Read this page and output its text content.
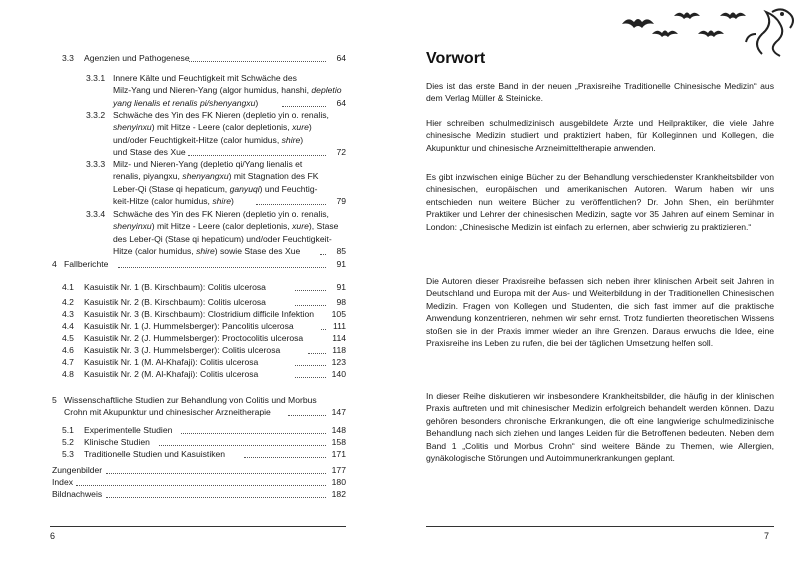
3.3 Agenzien und Pathogenese	64
3.3.1 Innere Kälte und Feuchtigkeit mit Schwäche des
Milz-Yang und Nieren-Yang (algor humidus, hanshi, depletio
yang lienalis et renalis pi/shenyangxu)	64
3.3.2 Schwäche des Yin des FK Nieren (depletio yin o. renalis,
shenyinxu) mit Hitze - Leere (calor depletionis, xure)
und/oder Feuchtigkeit-Hitze (calor humidus, shire)
und Stase des Xue	72
3.3.3 Milz- und Nieren-Yang (depletio qi/Yang lienalis et
renalis, piyangxu, shenyangxu) mit Stagnation des FK
Leber-Qi (Stase qi hepaticum, ganyuqi) und Feuchtig-
keit-Hitze (calor humidus, shire)	79
3.3.4 Schwäche des Yin des FK Nieren (depletio yin o. renalis,
shenyinxu) mit Hitze - Leere (calor depletionis, xure), Stase
des Leber-Qi (Stase qi hepaticum) und/oder Feuchtigkeit-
Hitze (calor humidus, shire) sowie Stase des Xue	85
4 Fallberichte	91
4.1 Kasuistik Nr. 1 (B. Kirschbaum): Colitis ulcerosa	91
4.2 Kasuistik Nr. 2 (B. Kirschbaum): Colitis ulcerosa	98
4.3 Kasuistik Nr. 3 (B. Kirschbaum): Clostridium difficile Infektion	105
4.4 Kasuistik Nr. 1 (J. Hummelsberger): Pancolitis ulcerosa	111
4.5 Kasuistik Nr. 2 (J. Hummelsberger): Proctocolitis ulcerosa	114
4.6 Kasuistik Nr. 3 (J. Hummelsberger): Colitis ulcerosa	118
4.7 Kasuistik Nr. 1 (M. Al-Khafaji): Colitis ulcerosa	123
4.8 Kasuistik Nr. 2 (M. Al-Khafaji): Colitis ulcerosa	140
5 Wissenschaftliche Studien zur Behandlung von Colitis und Morbus
Crohn mit Akupunktur und chinesischer Arzneitherapie	147
5.1 Experimentelle Studien	148
5.2 Klinische Studien	158
5.3 Traditionelle Studien und Kasuistiken	171
Zungenbilder	177
Index	180
Bildnachweis	182
6
Vorwort
Dies ist das erste Band in der neuen „Praxisreihe Traditionelle Chinesische Medizin“ aus dem Verlag Müller & Steinicke.
Hier schreiben schulmedizinisch ausgebildete Ärzte und Heilpraktiker, die viele Jahre chinesische Medizin studiert und praktiziert haben, für Kolleginnen und Kollegen, die Akupunktur und chinesische Arzneimitteltherapie anwenden.
Es gibt inzwischen einige Bücher zu der Behandlung verschiedenster Krankheitsbilder von chinesischen, europäischen und amerikanischen Autoren. Warum haben wir uns entschieden nun weitere Bücher zu veröffentlichen? Dr. John Shen, ein berühmter Praktiker und Lehrer der chinesischen Medizin, sagte vor 35 Jahren auf einem Seminar in London: „Chinesische Medizin ist einfach zu erlernen, aber schwierig zu praktizieren.“
Die Autoren dieser Praxisreihe befassen sich neben ihrer klinischen Arbeit seit Jahren in Deutschland und Europa mit der Aus- und Weiterbildung in der Traditionellen Chinesischen Medizin. Fragen von Kollegen und Studenten, die sich fast immer auf die praktische Anwendung konzentrieren, nehmen wir sehr ernst. Trotz fundierten theoretischen Wissens stoßen sie in der Praxis immer wieder an ihre Grenzen. Daraus erwuchs die Idee, eine Praxisreihe ins Leben zu rufen, die bei der täglichen Umsetzung helfen soll.
In dieser Reihe diskutieren wir insbesondere Krankheitsbilder, die häufig in der klinischen Praxis auftreten und mit chinesischer Medizin erfolgreich behandelt werden können. Dazu gehören besonders chronische Erkrankungen, die oft eine langwierige schulmedizinische Behandlung nach sich ziehen und langes Leiden für die Betroffenen bedeuten. Neben dem Band 1 „Colitis und Morbus Crohn“ sind weitere Bände zu Themen, wie Allergien, gynäkologische Störungen und Autoimmunerkrankungen geplant.
7
